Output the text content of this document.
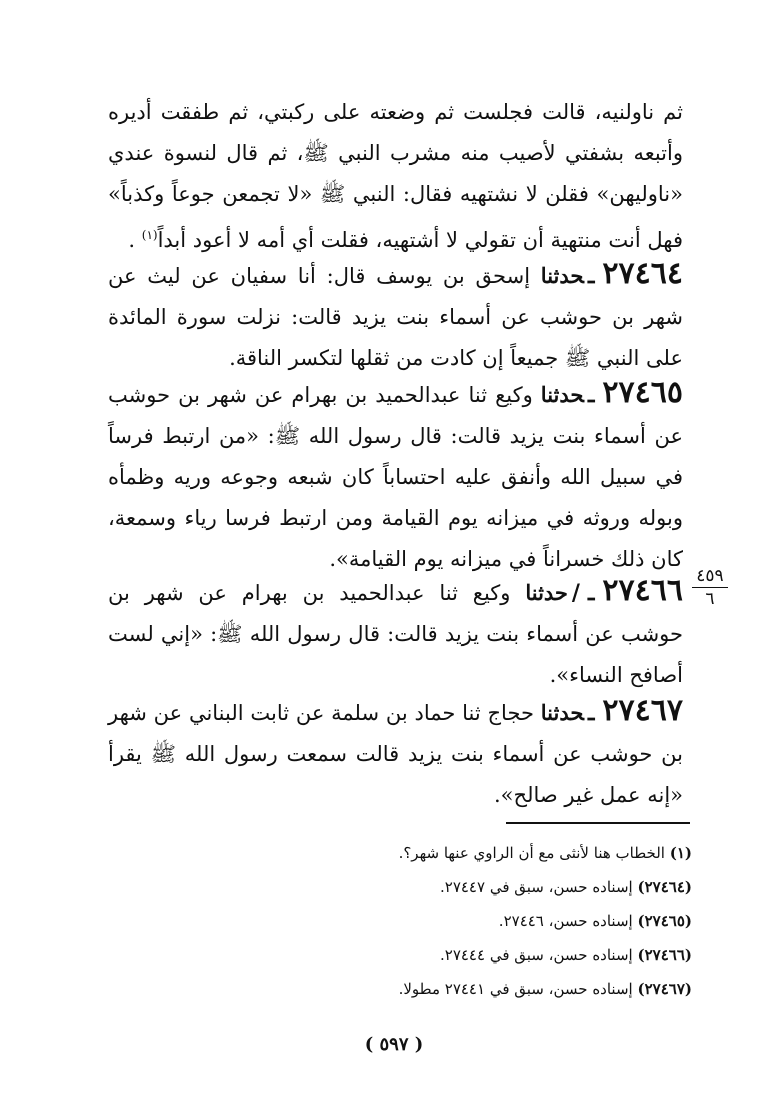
ثم ناولنيه، قالت فجلست ثم وضعته على ركبتي، ثم طفقت أديره وأتبعه بشفتي لأصيب منه مشرب النبي ﷺ، ثم قال لنسوة عندي «ناوليهن» فقلن لا نشتهيه فقال: النبي ﷺ «لا تجمعن جوعاً وكذباً» فهل أنت منتهية أن تقولي لا أشتهيه، فقلت أي أمه لا أعود أبداً$^{(١)}$ .

٢٧٤٦٤ـحدثنا إسحق بن يوسف قال: أنا سفيان عن ليث عن شهر بن حوشب عن أسماء بنت يزيد قالت: نزلت سورة المائدة على النبي ﷺ جميعاً إن كادت من ثقلها لتكسر الناقة.

٢٧٤٦٥ـحدثنا وكيع ثنا عبدالحميد بن بهرام عن شهر بن حوشب عن أسماء بنت يزيد قالت: قال رسول الله ﷺ: «من ارتبط فرساً في سبيل الله وأنفق عليه احتساباً كان شبعه وجوعه وريه وظمأه وبوله وروثه في ميزانه يوم القيامة ومن ارتبط فرسا رياء وسمعة، كان ذلك خسراناً في ميزانه يوم القيامة».

٤٥٩
٦

٢٧٤٦٦ـ/حدثنا وكيع ثنا عبدالحميد بن بهرام عن شهر بن حوشب عن أسماء بنت يزيد قالت: قال رسول الله ﷺ: «إني لست أصافح النساء».

٢٧٤٦٧ـحدثنا حجاج ثنا حماد بن سلمة عن ثابت البناني عن شهر بن حوشب عن أسماء بنت يزيد قالت سمعت رسول الله ﷺ يقرأ «إنه عمل غير صالح».

(١) الخطاب هنا لأنثى مع أن الراوي عنها شهر؟.
(٢٧٤٦٤) إسناده حسن، سبق في ٢٧٤٤٧.
(٢٧٤٦٥) إسناده حسن، ٢٧٤٤٦.
(٢٧٤٦٦) إسناده حسن، سبق في ٢٧٤٤٤.
(٢٧٤٦٧) إسناده حسن، سبق في ٢٧٤٤١ مطولا.
( ٥٩٧ )
